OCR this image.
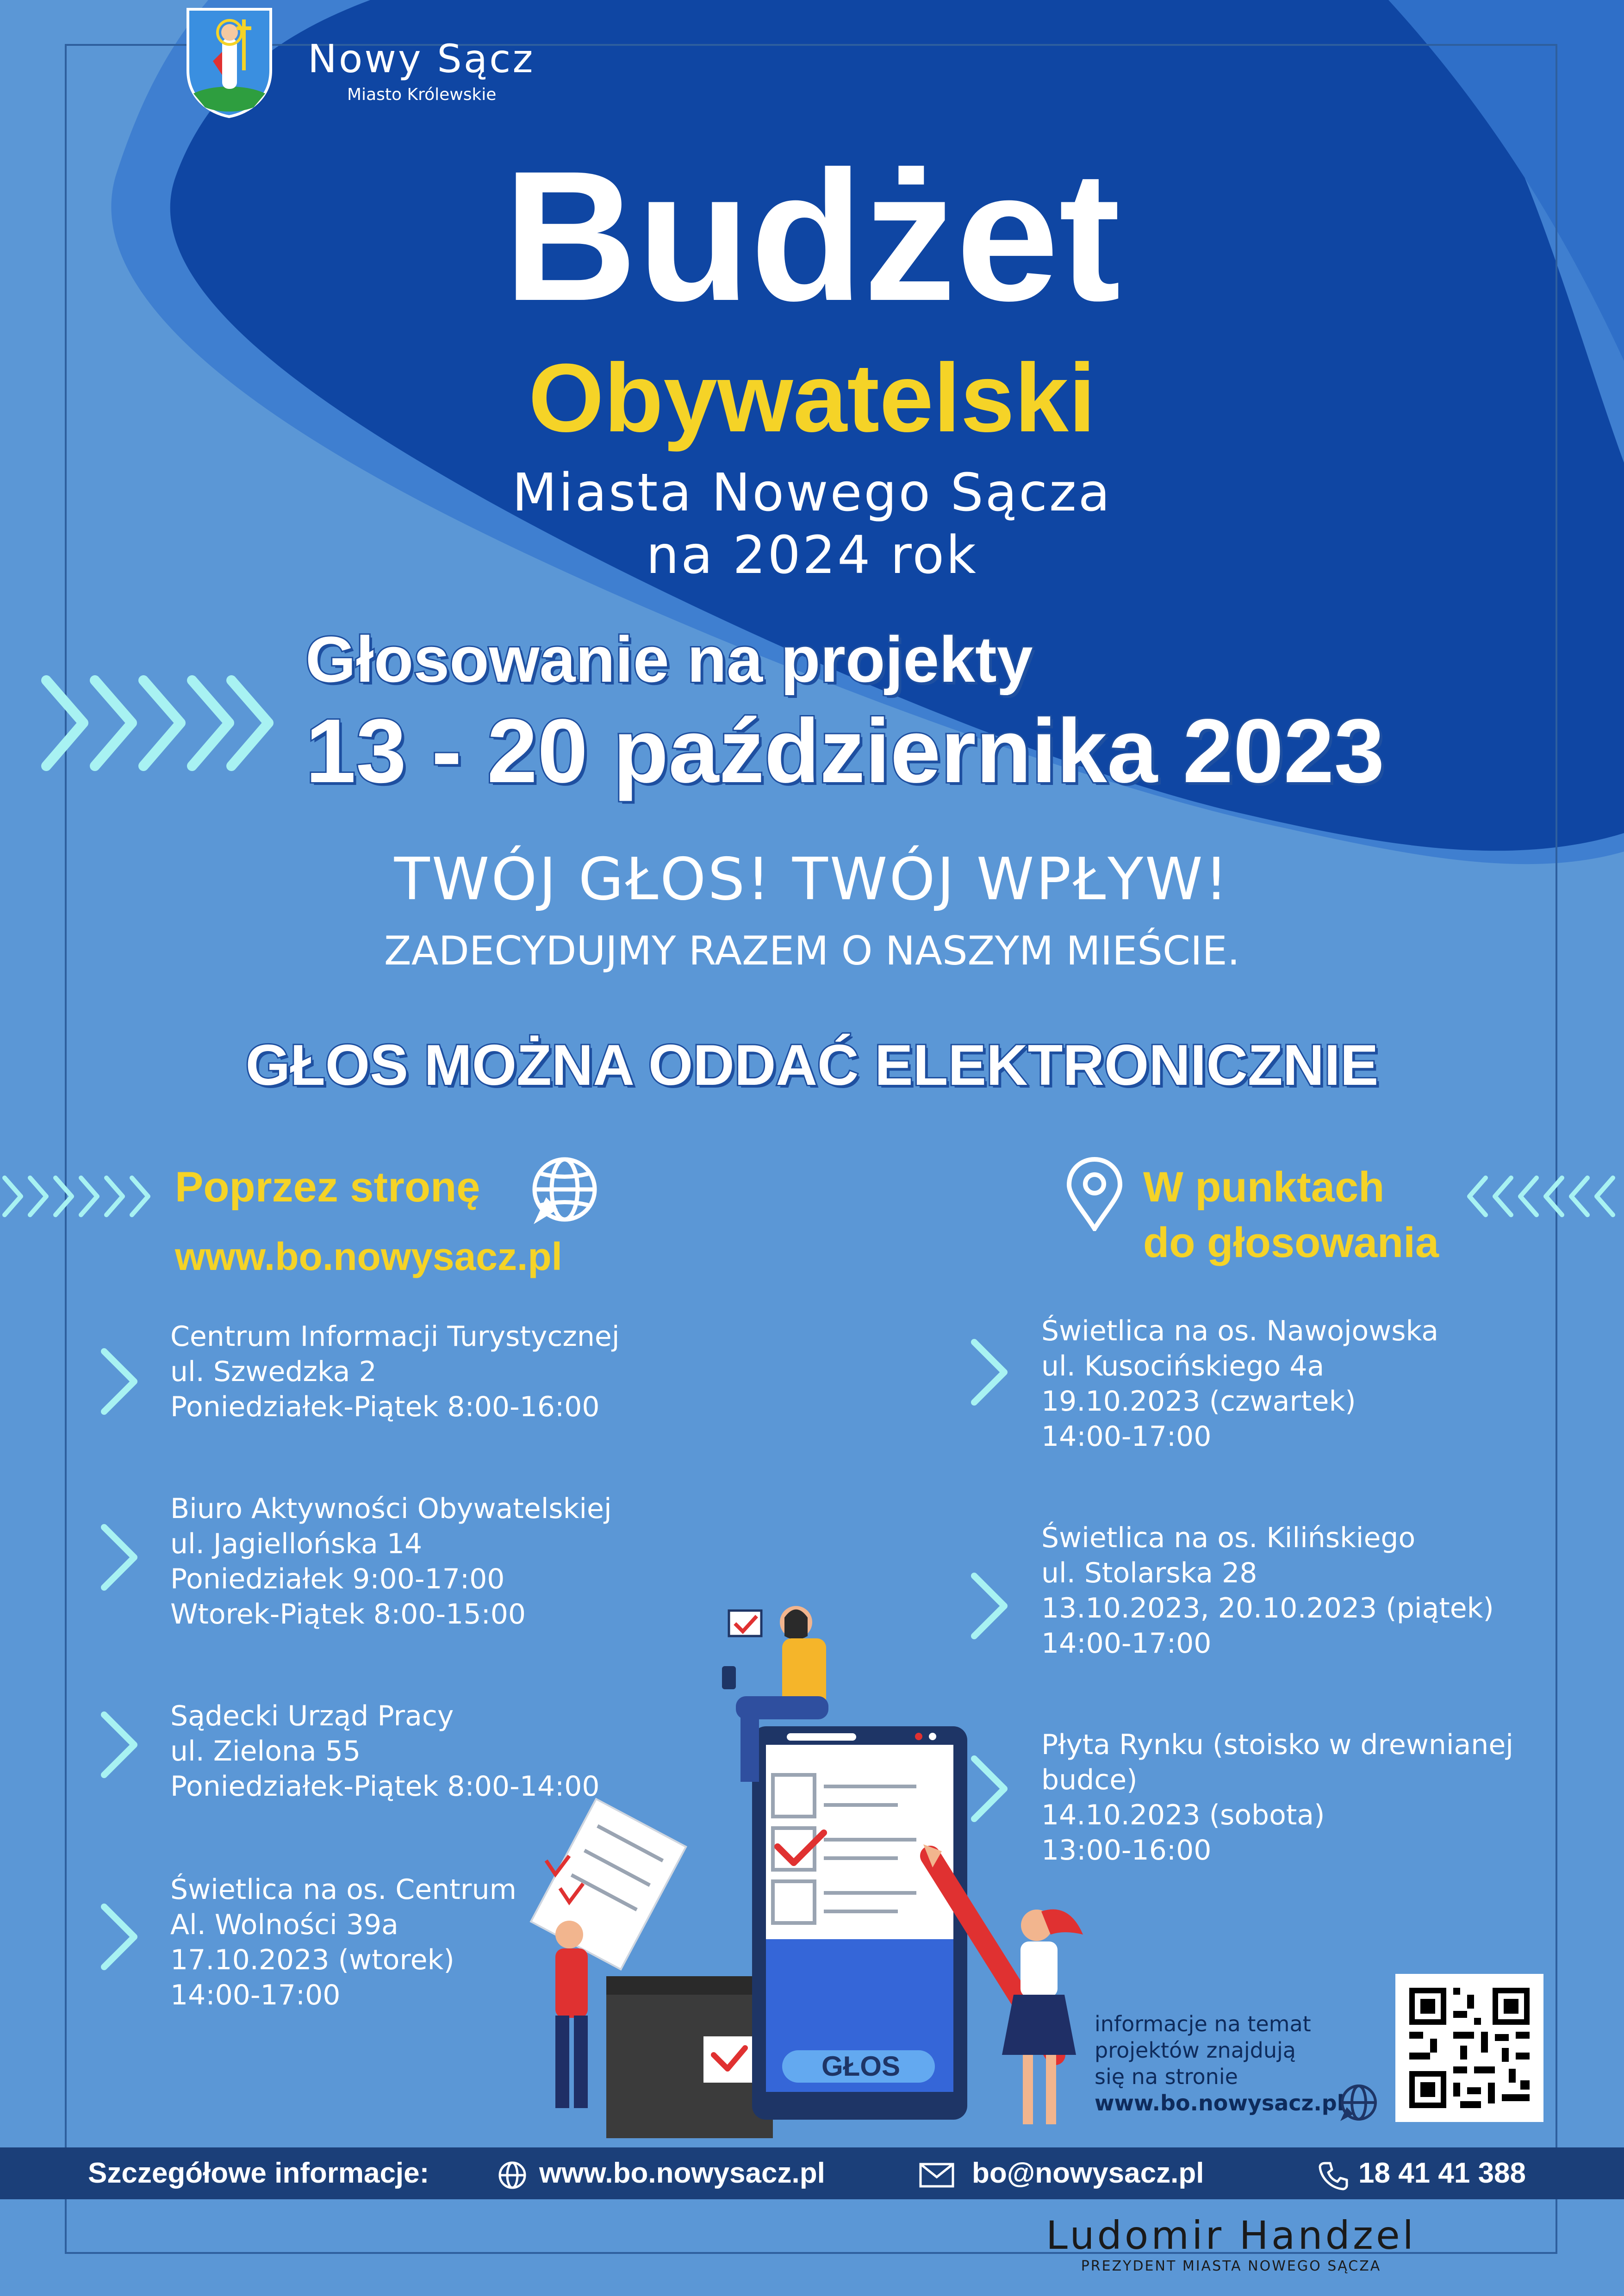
Nowy Sącz
Miasto Królewskie
Budżet
Obywatelski
Miasta Nowego Sącza
na 2024 rok
Głosowanie na projekty
13 - 20 października 2023
TWÓJ GŁOS! TWÓJ WPŁYW!
ZADECYDUJMY RAZEM O NASZYM MIEŚCIE.
GŁOS MOŻNA ODDAĆ ELEKTRONICZNIE
Poprzez stronę
www.bo.nowysacz.pl
W punktach
do głosowania
Centrum Informacji Turystycznej
ul. Szwedzka 2
Poniedziałek-Piątek 8:00-16:00
Biuro Aktywności Obywatelskiej
ul. Jagiellońska 14
Poniedziałek 9:00-17:00
Wtorek-Piątek 8:00-15:00
Sądecki Urząd Pracy
ul. Zielona 55
Poniedziałek-Piątek 8:00-14:00
Świetlica na os. Centrum
Al. Wolności 39a
17.10.2023 (wtorek)
14:00-17:00
Świetlica na os. Nawojowska
ul. Kusocińskiego 4a
19.10.2023 (czwartek)
14:00-17:00
Świetlica na os. Kilińskiego
ul. Stolarska 28
13.10.2023, 20.10.2023 (piątek)
14:00-17:00
Płyta Rynku (stoisko w drewnianej
budce)
14.10.2023 (sobota)
13:00-16:00
GŁOS
informacje na temat
projektów znajdują
się na stronie
www.bo.nowysacz.pl
Szczegółowe informacje:	www.bo.nowysacz.pl	bo@nowysacz.pl	18 41 41 388
Ludomir Handzel
PREZYDENT MIASTA NOWEGO SĄCZA
